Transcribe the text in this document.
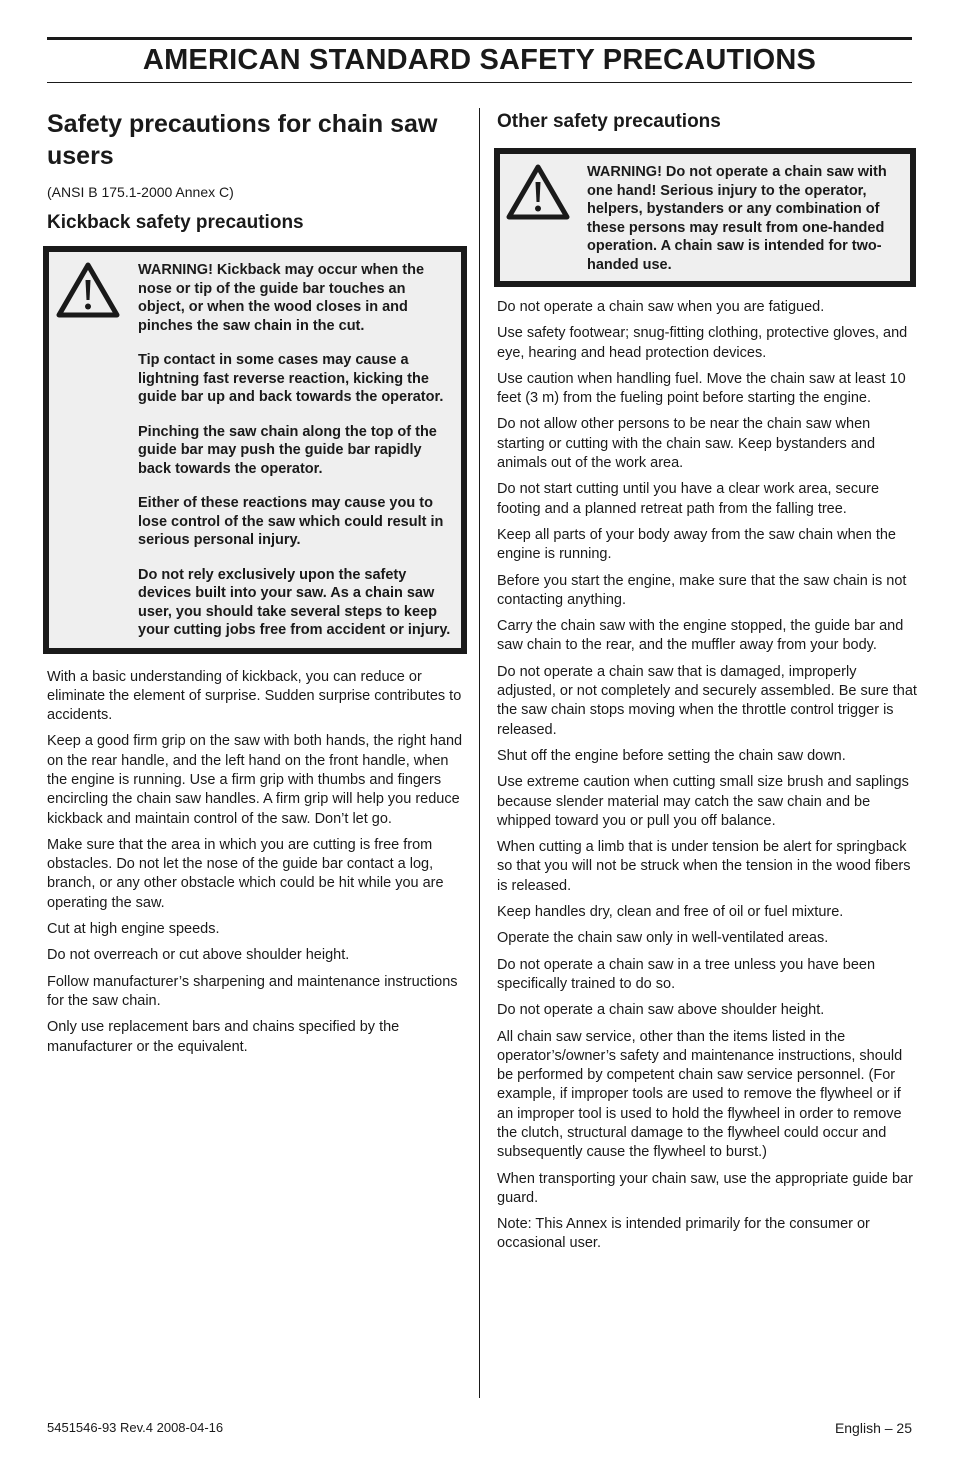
AMERICAN STANDARD SAFETY PRECAUTIONS
Safety precautions for chain saw users

(ANSI B 175.1-2000 Annex C)

Kickback safety precautions

WARNING! Kickback may occur when the nose or tip of the guide bar touches an object, or when the wood closes in and pinches the saw chain in the cut.

Tip contact in some cases may cause a lightning fast reverse reaction, kicking the guide bar up and back towards the operator.

Pinching the saw chain along the top of the guide bar may push the guide bar rapidly back towards the operator.

Either of these reactions may cause you to lose control of the saw which could result in serious personal injury.

Do not rely exclusively upon the safety devices built into your saw. As a chain saw user, you should take several steps to keep your cutting jobs free from accident or injury.

With a basic understanding of kickback, you can reduce or eliminate the element of surprise. Sudden surprise contributes to accidents.

Keep a good firm grip on the saw with both hands, the right hand on the rear handle, and the left hand on the front handle, when the engine is running. Use a firm grip with thumbs and fingers encircling the chain saw handles. A firm grip will help you reduce kickback and maintain control of the saw. Don’t let go.

Make sure that the area in which you are cutting is free from obstacles. Do not let the nose of the guide bar contact a log, branch, or any other obstacle which could be hit while you are operating the saw.

Cut at high engine speeds.

Do not overreach or cut above shoulder height.

Follow manufacturer’s sharpening and maintenance instructions for the saw chain.

Only use replacement bars and chains specified by the manufacturer or the equivalent.

Other safety precautions

WARNING! Do not operate a chain saw with one hand! Serious injury to the operator, helpers, bystanders or any combination of these persons may result from one-handed operation. A chain saw is intended for two-handed use.

Do not operate a chain saw when you are fatigued.

Use safety footwear; snug-fitting clothing, protective gloves, and eye, hearing and head protection devices.

Use caution when handling fuel. Move the chain saw at least 10 feet (3 m) from the fueling point before starting the engine.

Do not allow other persons to be near the chain saw when starting or cutting with the chain saw. Keep bystanders and animals out of the work area.

Do not start cutting until you have a clear work area, secure footing and a planned retreat path from the falling tree.

Keep all parts of your body away from the saw chain when the engine is running.

Before you start the engine, make sure that the saw chain is not contacting anything.

Carry the chain saw with the engine stopped, the guide bar and saw chain to the rear, and the muffler away from your body.

Do not operate a chain saw that is damaged, improperly adjusted, or not completely and securely assembled. Be sure that the saw chain stops moving when the throttle control trigger is released.

Shut off the engine before setting the chain saw down.

Use extreme caution when cutting small size brush and saplings because slender material may catch the saw chain and be whipped toward you or pull you off balance.

When cutting a limb that is under tension be alert for springback so that you will not be struck when the tension in the wood fibers is released.

Keep handles dry, clean and free of oil or fuel mixture.

Operate the chain saw only in well-ventilated areas.

Do not operate a chain saw in a tree unless you have been specifically trained to do so.

Do not operate a chain saw above shoulder height.

All chain saw service, other than the items listed in the operator’s/owner’s safety and maintenance instructions, should be performed by competent chain saw service personnel. (For example, if improper tools are used to remove the flywheel or if an improper tool is used to hold the flywheel in order to remove the clutch, structural damage to the flywheel could occur and subsequently cause the flywheel to burst.)

When transporting your chain saw, use the appropriate guide bar guard.

Note: This Annex is intended primarily for the consumer or occasional user.

5451546-93 Rev.4 2008-04-16	English – 25
